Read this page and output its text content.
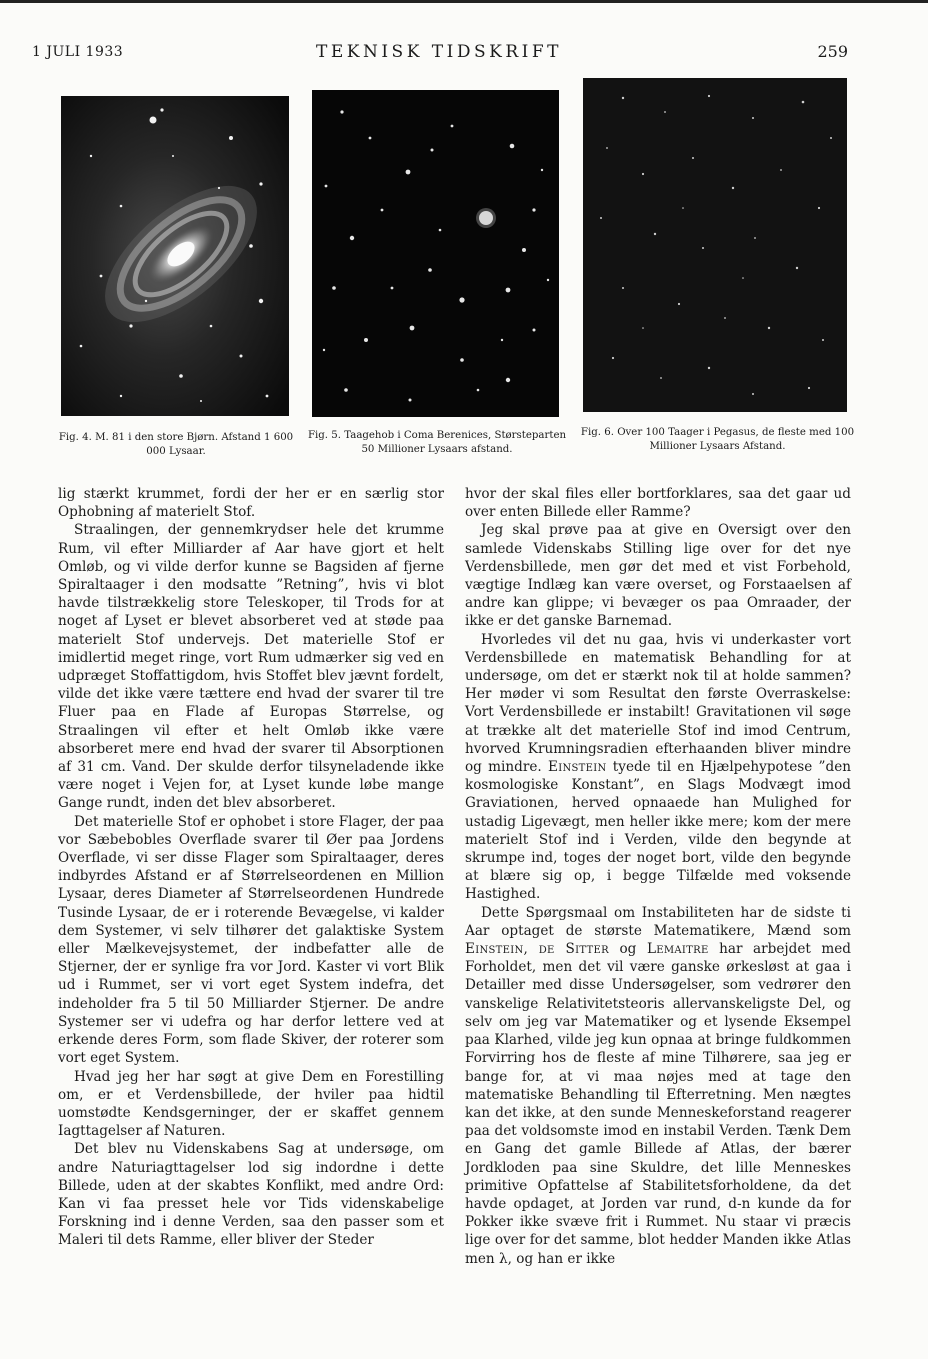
1 JULI 1933	TEKNISK TIDSKRIFT	259
Fig. 4. M. 81 i den store Bjørn. Afstand 1 600 000 Lysaar.
Fig. 5. Taagehob i Coma Berenices, Størsteparten 50 Millioner Lysaars afstand.
Fig. 6. Over 100 Taager i Pegasus, de fleste med 100 Millioner Lysaars Afstand.

lig stærkt krummet, fordi der her er en særlig stor Ophobning af materielt Stof.

Straalingen, der gennemkrydser hele det krumme Rum, vil efter Milliarder af Aar have gjort et helt Omløb, og vi vilde derfor kunne se Bagsiden af fjerne Spiraltaager i den modsatte ”Retning”, hvis vi blot havde tilstrækkelig store Teleskoper, til Trods for at noget af Lyset er blevet absorberet ved at støde paa materielt Stof undervejs. Det materielle Stof er imidlertid meget ringe, vort Rum udmærker sig ved en udpræget Stoffattigdom, hvis Stoffet blev jævnt fordelt, vilde det ikke være tættere end hvad der svarer til tre Fluer paa en Flade af Europas Størrelse, og Straalingen vil efter et helt Omløb ikke være absorberet mere end hvad der svarer til Absorptionen af 31 cm. Vand. Der skulde derfor tilsyneladende ikke være noget i Vejen for, at Lyset kunde løbe mange Gange rundt, inden det blev absorberet.

Det materielle Stof er ophobet i store Flager, der paa vor Sæbebobles Overflade svarer til Øer paa Jordens Overflade, vi ser disse Flager som Spiraltaager, deres indbyrdes Afstand er af Størrelseordenen en Million Lysaar, deres Diameter af Størrelseordenen Hundrede Tusinde Lysaar, de er i roterende Bevægelse, vi kalder dem Systemer, vi selv tilhører det galaktiske System eller Mælkevejsystemet, der indbefatter alle de Stjerner, der er synlige fra vor Jord. Kaster vi vort Blik ud i Rummet, ser vi vort eget System indefra, det indeholder fra 5 til 50 Milliarder Stjerner. De andre Systemer ser vi udefra og har derfor lettere ved at erkende deres Form, som flade Skiver, der roterer som vort eget System.

Hvad jeg her har søgt at give Dem en Forestilling om, er et Verdensbillede, der hviler paa hidtil uomstødte Kendsgerninger, der er skaffet gennem Iagttagelser af Naturen.

Det blev nu Videnskabens Sag at undersøge, om andre Naturiagttagelser lod sig indordne i dette Billede, uden at der skabtes Konflikt, med andre Ord: Kan vi faa presset hele vor Tids videnskabelige Forskning ind i denne Verden, saa den passer som et Maleri til dets Ramme, eller bliver der Steder

hvor der skal files eller bortforklares, saa det gaar ud over enten Billede eller Ramme?

Jeg skal prøve paa at give en Oversigt over den samlede Videnskabs Stilling lige over for det nye Verdensbillede, men gør det med et vist Forbehold, vægtige Indlæg kan være overset, og Forstaaelsen af andre kan glippe; vi bevæger os paa Omraader, der ikke er det ganske Barnemad.

Hvorledes vil det nu gaa, hvis vi underkaster vort Verdensbillede en matematisk Behandling for at undersøge, om det er stærkt nok til at holde sammen? Her møder vi som Resultat den første Overraskelse: Vort Verdensbillede er instabilt! Gravitationen vil søge at trække alt det materielle Stof ind imod Centrum, hvorved Krumningsradien efterhaanden bliver mindre og mindre. Einstein tyede til en Hjælpehypotese ”den kosmologiske Konstant”, en Slags Modvægt imod Graviationen, herved opnaaede han Mulighed for ustadig Ligevægt, men heller ikke mere; kom der mere materielt Stof ind i Verden, vilde den begynde at skrumpe ind, toges der noget bort, vilde den begynde at blære sig op, i begge Tilfælde med voksende Hastighed.

Dette Spørgsmaal om Instabiliteten har de sidste ti Aar optaget de største Matematikere, Mænd som Einstein, de Sitter og Lemaitre har arbejdet med Forholdet, men det vil være ganske ørkesløst at gaa i Detailler med disse Undersøgelser, som vedrører den vanskelige Relativitetsteoris allervanskeligste Del, og selv om jeg var Matematiker og et lysende Eksempel paa Klarhed, vilde jeg kun opnaa at bringe fuldkommen Forvirring hos de fleste af mine Tilhørere, saa jeg er bange for, at vi maa nøjes med at tage den matematiske Behandling til Efterretning. Men nægtes kan det ikke, at den sunde Menneskeforstand reagerer paa det voldsomste imod en instabil Verden. Tænk Dem en Gang det gamle Billede af Atlas, der bærer Jordkloden paa sine Skuldre, det lille Menneskes primitive Opfattelse af Stabilitetsforholdene, da det havde opdaget, at Jorden var rund, d-n kunde da for Pokker ikke svæve frit i Rummet. Nu staar vi præcis lige over for det samme, blot hedder Manden ikke Atlas men λ, og han er ikke
